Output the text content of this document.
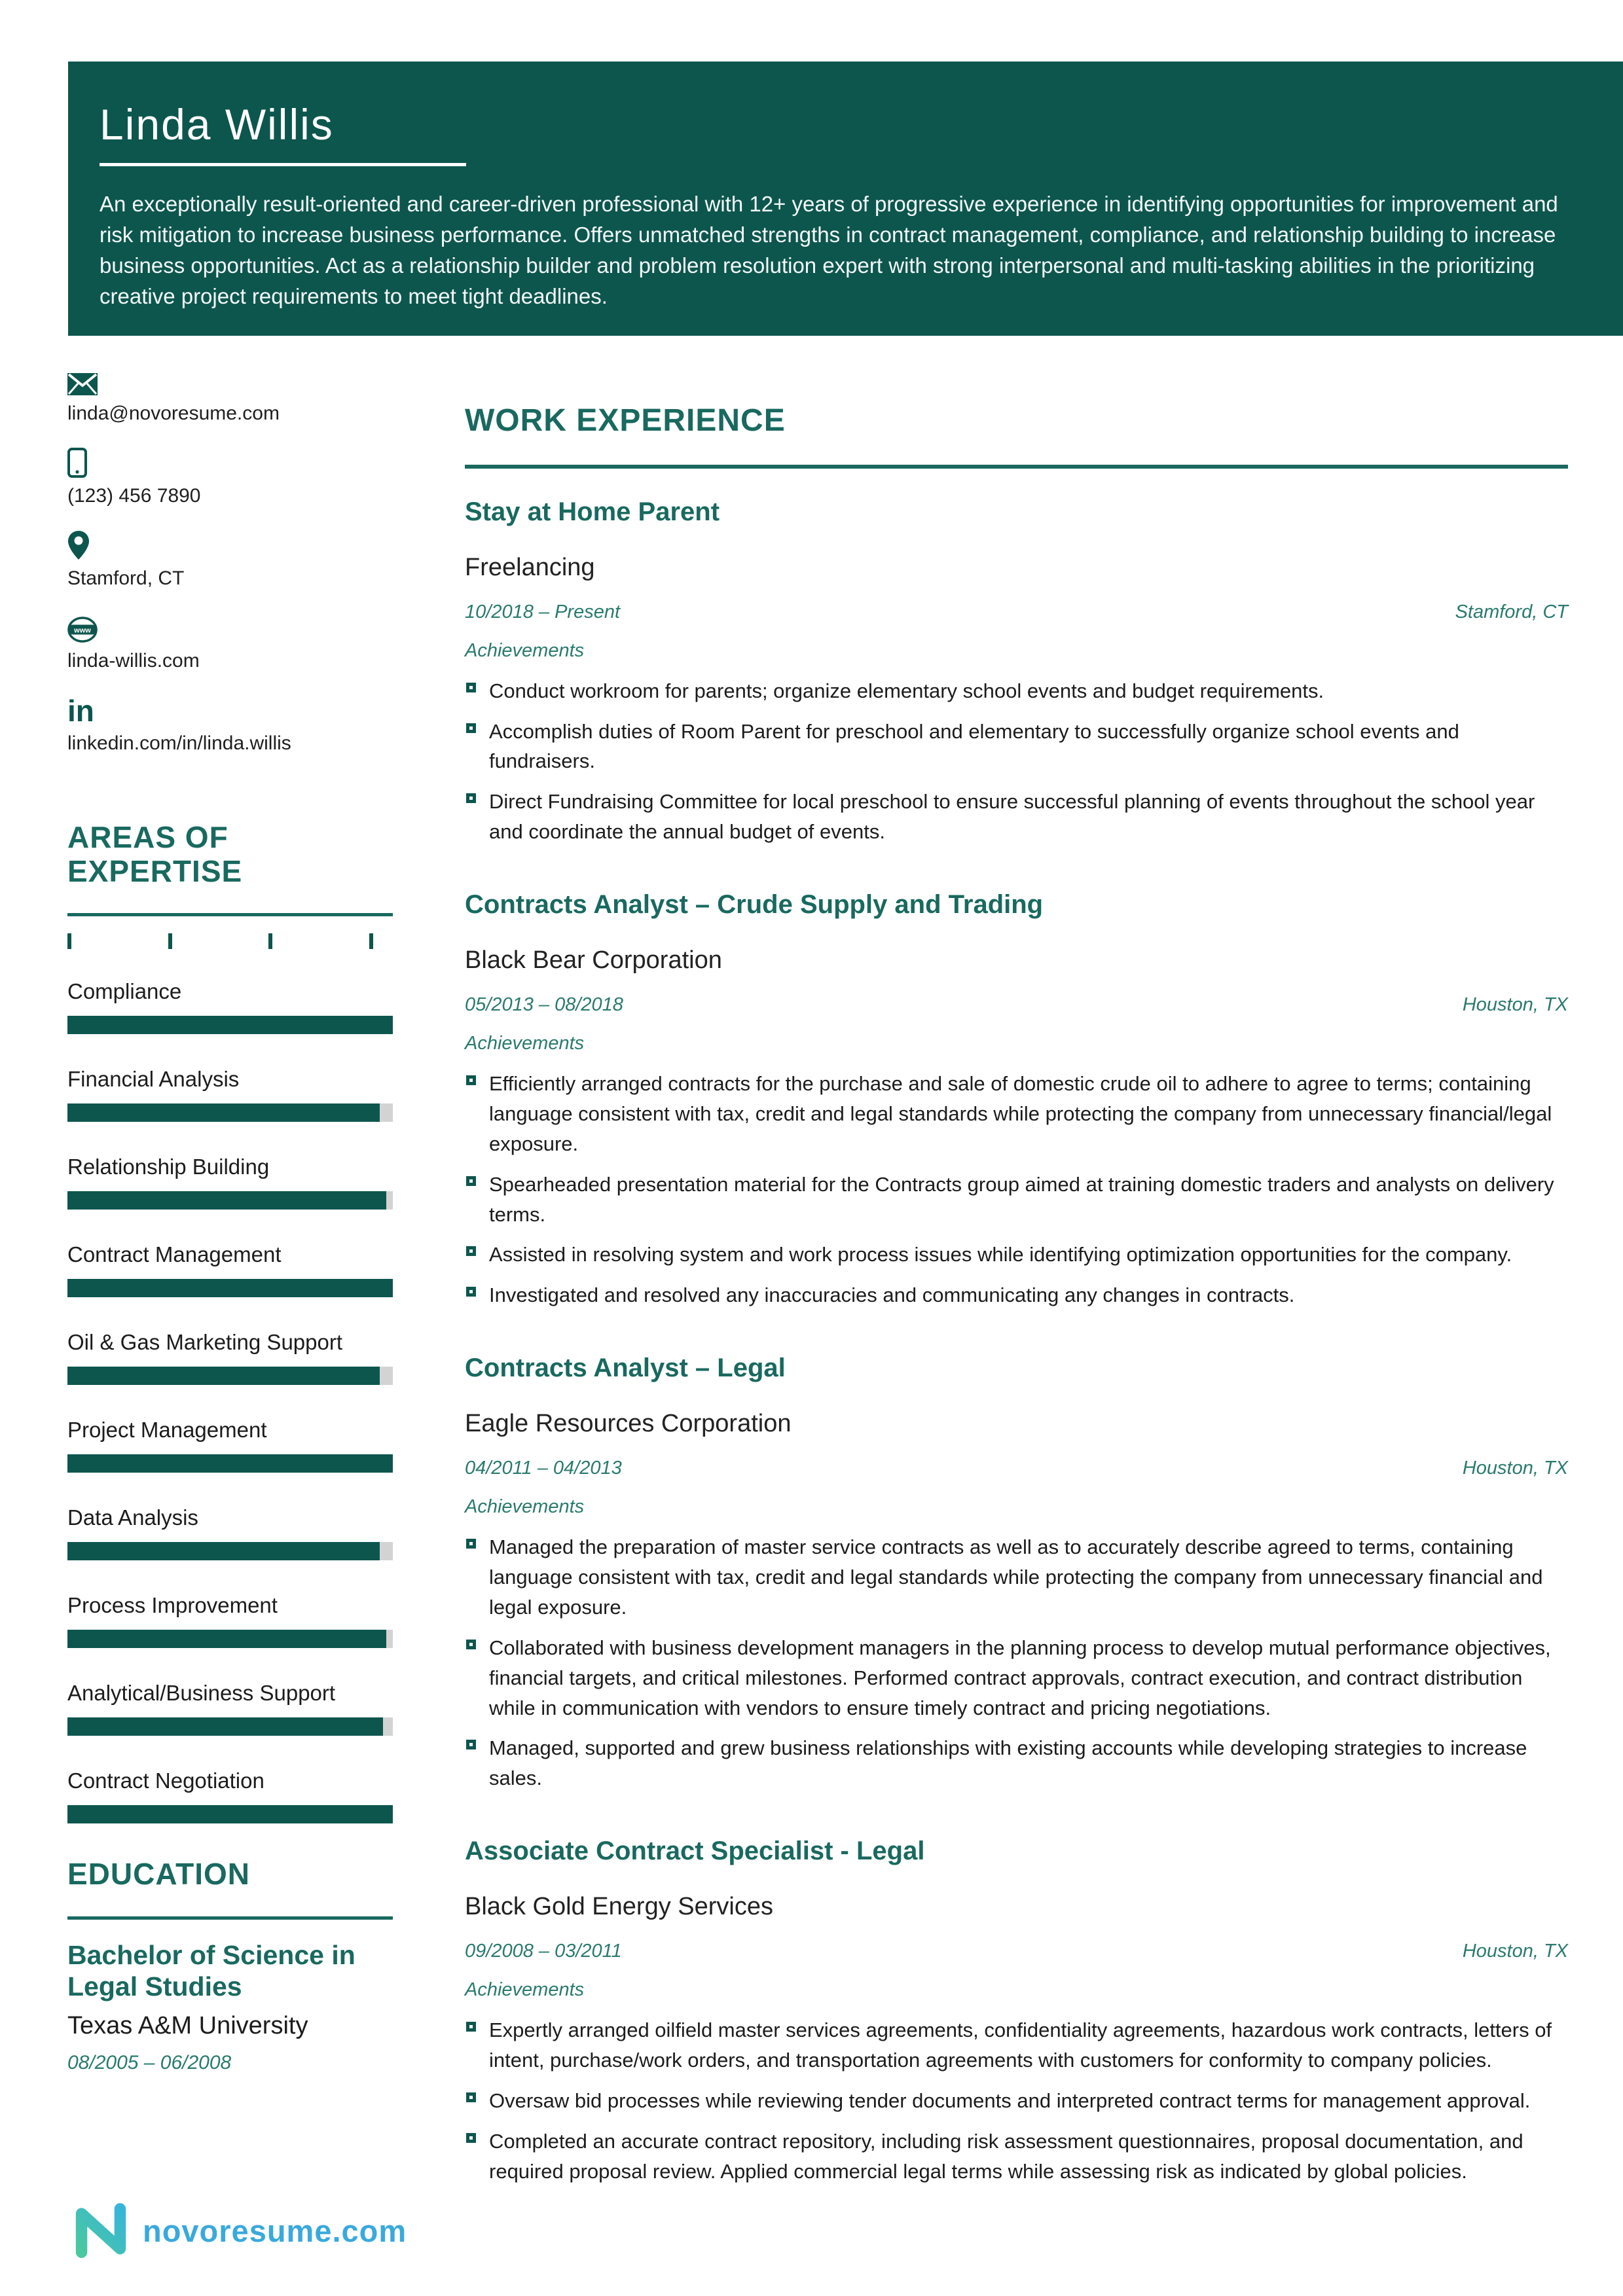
Linda Willis
An exceptionally result-oriented and career-driven professional with 12+ years of progressive experience in identifying opportunities for improvement and risk mitigation to increase business performance. Offers unmatched strengths in contract management, compliance, and relationship building to increase business opportunities. Act as a relationship builder and problem resolution expert with strong interpersonal and multi-tasking abilities in the prioritizing creative project requirements to meet tight deadlines.
linda@novoresume.com
(123) 456 7890
Stamford, CT
www
linda-willis.com
in
linkedin.com/in/linda.willis
AREAS OF EXPERTISE
Compliance
Financial Analysis
Relationship Building
Contract Management
Oil & Gas Marketing Support
Project Management
Data Analysis
Process Improvement
Analytical/Business Support
Contract Negotiation
EDUCATION
Bachelor of Science in Legal Studies
Texas A&M University
08/2005 – 06/2008
WORK EXPERIENCE
Stay at Home Parent
Freelancing
10/2018 – Present	Stamford, CT
Achievements
Conduct workroom for parents; organize elementary school events and budget requirements.
Accomplish duties of Room Parent for preschool and elementary to successfully organize school events and fundraisers.
Direct Fundraising Committee for local preschool to ensure successful planning of events throughout the school year and coordinate the annual budget of events.
Contracts Analyst – Crude Supply and Trading
Black Bear Corporation
05/2013 – 08/2018	Houston, TX
Achievements
Efficiently arranged contracts for the purchase and sale of domestic crude oil to adhere to agree to terms; containing language consistent with tax, credit and legal standards while protecting the company from unnecessary financial/legal exposure.
Spearheaded presentation material for the Contracts group aimed at training domestic traders and analysts on delivery terms.
Assisted in resolving system and work process issues while identifying optimization opportunities for the company.
Investigated and resolved any inaccuracies and communicating any changes in contracts.
Contracts Analyst – Legal
Eagle Resources Corporation
04/2011 – 04/2013	Houston, TX
Achievements
Managed the preparation of master service contracts as well as to accurately describe agreed to terms, containing language consistent with tax, credit and legal standards while protecting the company from unnecessary financial and legal exposure.
Collaborated with business development managers in the planning process to develop mutual performance objectives, financial targets, and critical milestones. Performed contract approvals, contract execution, and contract distribution while in communication with vendors to ensure timely contract and pricing negotiations.
Managed, supported and grew business relationships with existing accounts while developing strategies to increase sales.
Associate Contract Specialist - Legal
Black Gold Energy Services
09/2008 – 03/2011	Houston, TX
Achievements
Expertly arranged oilfield master services agreements, confidentiality agreements, hazardous work contracts, letters of intent, purchase/work orders, and transportation agreements with customers for conformity to company policies.
Oversaw bid processes while reviewing tender documents and interpreted contract terms for management approval.
Completed an accurate contract repository, including risk assessment questionnaires, proposal documentation, and required proposal review. Applied commercial legal terms while assessing risk as indicated by global policies.
novoresume.com
